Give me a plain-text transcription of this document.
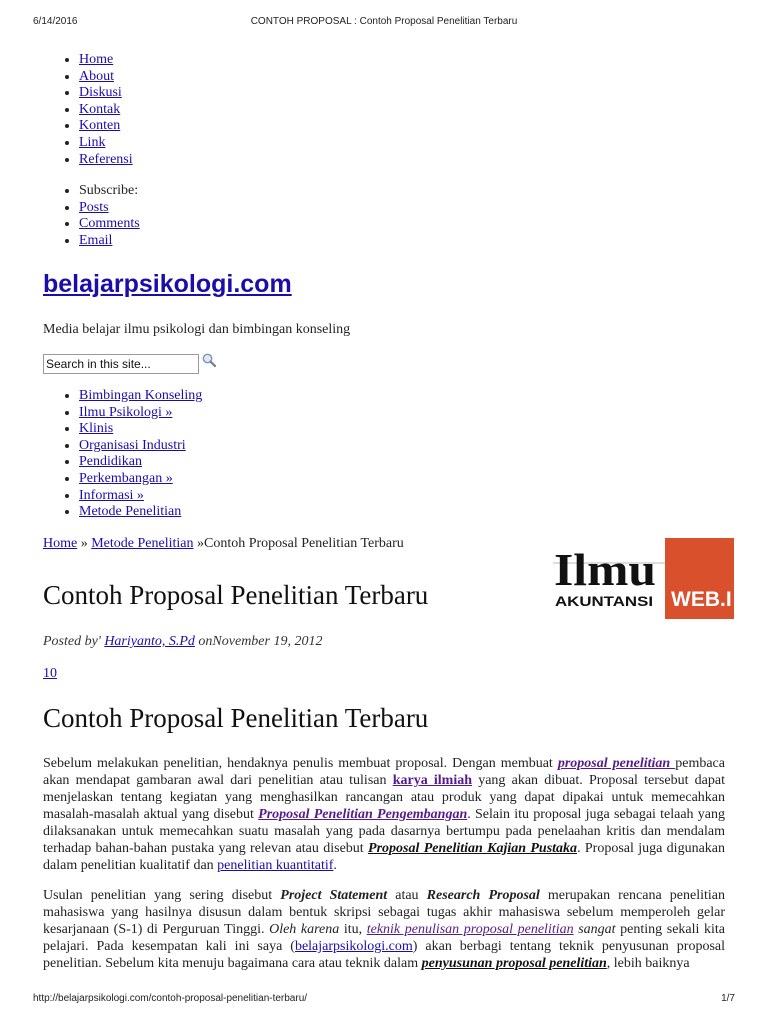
6/14/2016	CONTOH PROPOSAL : Contoh Proposal Penelitian Terbaru
• Home
• About
• Diskusi
• Kontak
• Konten
• Link
• Referensi
• Subscribe:
• Posts
• Comments
• Email
belajarpsikologi.com
Media belajar ilmu psikologi dan bimbingan konseling
Search in this site...
• Bimbingan Konseling
• Ilmu Psikologi »
• Klinis
• Organisasi Industri
• Pendidikan
• Perkembangan »
• Informasi »
• Metode Penelitian
Home » Metode Penelitian »Contoh Proposal Penelitian Terbaru
Ilmu
AKUNTANSI WEB.I
Contoh Proposal Penelitian Terbaru
Posted by' Hariyanto, S.Pd onNovember 19, 2012
10
Contoh Proposal Penelitian Terbaru

Sebelum melakukan penelitian, hendaknya penulis membuat proposal. Dengan membuat proposal penelitian pembaca akan mendapat gambaran awal dari penelitian atau tulisan karya ilmiah yang akan dibuat. Proposal tersebut dapat menjelaskan tentang kegiatan yang menghasilkan rancangan atau produk yang dapat dipakai untuk memecahkan masalah-masalah aktual yang disebut Proposal Penelitian Pengembangan. Selain itu proposal juga sebagai telaah yang dilaksanakan untuk memecahkan suatu masalah yang pada dasarnya bertumpu pada penelaahan kritis dan mendalam terhadap bahan-bahan pustaka yang relevan atau disebut Proposal Penelitian Kajian Pustaka. Proposal juga digunakan dalam penelitian kualitatif dan penelitian kuantitatif.

Usulan penelitian yang sering disebut Project Statement atau Research Proposal merupakan rencana penelitian mahasiswa yang hasilnya disusun dalam bentuk skripsi sebagai tugas akhir mahasiswa sebelum memperoleh gelar kesarjanaan (S-1) di Perguruan Tinggi. Oleh karena itu, teknik penulisan proposal penelitian sangat penting sekali kita pelajari. Pada kesempatan kali ini saya (belajarpsikologi.com) akan berbagi tentang teknik penyusunan proposal penelitian. Sebelum kita menuju bagaimana cara atau teknik dalam penyusunan proposal penelitian, lebih baiknya

http://belajarpsikologi.com/contoh-proposal-penelitian-terbaru/	1/7
